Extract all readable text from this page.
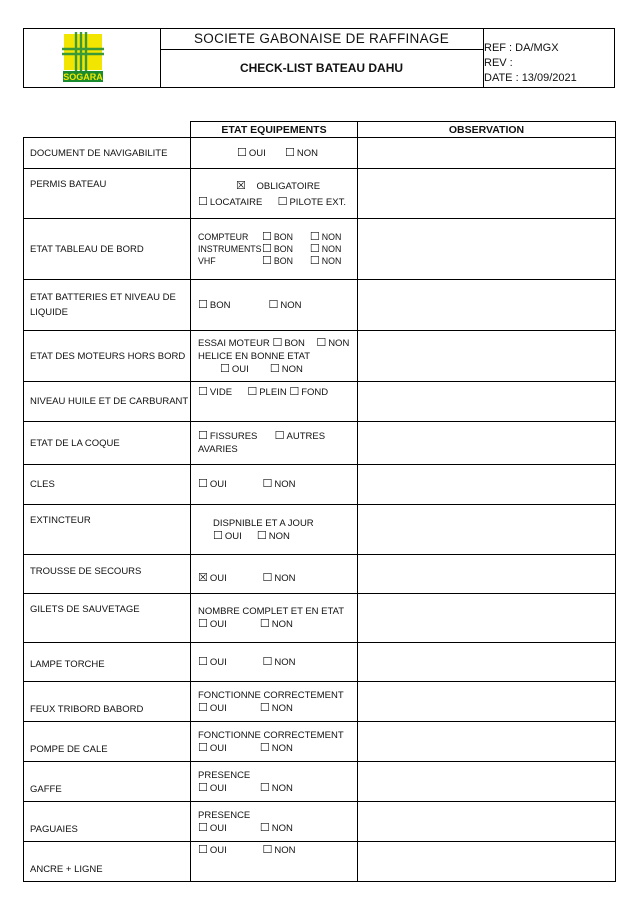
SOGARA
SOCIETE GABONAISE DE RAFFINAGE
CHECK-LIST BATEAU DAHU
REF : DA/MGX
REV :
DATE : 13/09/2021
	ETAT EQUIPEMENTS	OBSERVATION
DOCUMENT DE NAVIGABILITE	☐ OUI ☐ NON	
PERMIS BATEAU	☒ OBLIGATOIRE
☐ LOCATAIRE ☐ PILOTE EXT.	

ETAT TABLEAU DE BORD	COMPTEUR ☐ BON ☐ NON
INSTRUMENTS☐ BON ☐ NON
VHF ☐ BON ☐ NON	

ETAT BATTERIES ET NIVEAU DE
LIQUIDE	☐ BON ☐ NON	
ETAT DES MOTEURS HORS BORD	ESSAI MOTEUR ☐ BON ☐ NON
HELICE EN BONNE ETAT
☐ OUI ☐ NON	

NIVEAU HUILE ET DE CARBURANT	☐ VIDE ☐ PLEIN ☐ FOND	
ETAT DE LA COQUE	☐ FISSURES ☐ AUTRES AVARIES	
CLES	☐ OUI ☐ NON	
EXTINCTEUR	DISPNIBLE ET A JOUR
☐ OUI ☐ NON	

TROUSSE DE SECOURS	☒ OUI ☐ NON	
GILETS DE SAUVETAGE	NOMBRE COMPLET ET EN ETAT
☐ OUI ☐ NON	

LAMPE TORCHE	☐ OUI ☐ NON	
FEUX TRIBORD BABORD	FONCTIONNE CORRECTEMENT
☐ OUI ☐ NON	

POMPE DE CALE	FONCTIONNE CORRECTEMENT
☐ OUI ☐ NON	

GAFFE	PRESENCE
☐ OUI ☐ NON	

PAGUAIES	PRESENCE
☐ OUI ☐ NON	

ANCRE + LIGNE	☐ OUI ☐ NON	
